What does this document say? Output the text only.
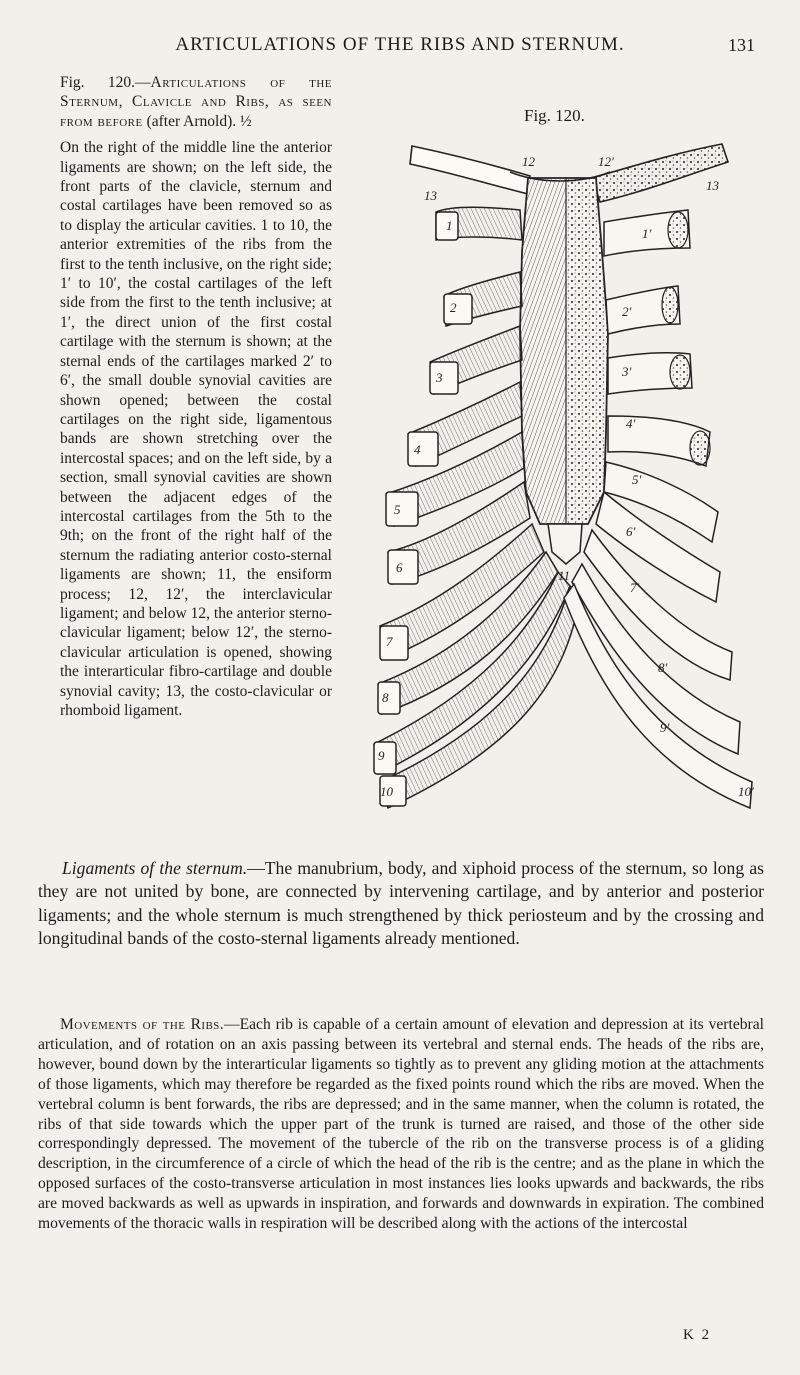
ARTICULATIONS OF THE RIBS AND STERNUM.	131

Fig. 120.—Articulations of the Sternum, Clavicle and Ribs, as seen from before (after Arnold). ½

On the right of the middle line the anterior ligaments are shown; on the left side, the front parts of the clavicle, sternum and costal cartilages have been removed so as to display the articular cavities. 1 to 10, the anterior extremities of the ribs from the first to the tenth inclusive, on the right side; 1′ to 10′, the costal cartilages of the left side from the first to the tenth inclusive; at 1′, the direct union of the first costal cartilage with the sternum is shown; at the sternal ends of the cartilages marked 2′ to 6′, the small double synovial cavities are shown opened; between the costal cartilages on the right side, ligamentous bands are shown stretching over the intercostal spaces; and on the left side, by a section, small synovial cavities are shown between the adjacent edges of the intercostal cartilages from the 5th to the 9th; on the front of the right half of the sternum the radiating anterior costo-sternal ligaments are shown; 11, the ensiform process; 12, 12′, the interclavicular ligament; and below 12, the anterior sterno-clavicular ligament; below 12′, the sterno-clavicular articulation is opened, showing the interarticular fibro-cartilage and double synovial cavity; 13, the costo-clavicular or rhomboid ligament.

Fig. 120.
1
2
3
4
5
6
7
8
9
10
1′
2′
3′
4′
5′
6′
7′
8′
9′
10′
11
12	12′
13
13

Ligaments of the sternum.—The manubrium, body, and xiphoid process of the sternum, so long as they are not united by bone, are connected by intervening cartilage, and by anterior and posterior ligaments; and the whole sternum is much strengthened by thick periosteum and by the crossing and longitudinal bands of the costo-sternal ligaments already mentioned.

Movements of the Ribs.—Each rib is capable of a certain amount of elevation and depression at its vertebral articulation, and of rotation on an axis passing between its vertebral and sternal ends. The heads of the ribs are, however, bound down by the interarticular ligaments so tightly as to prevent any gliding motion at the attachments of those ligaments, which may therefore be regarded as the fixed points round which the ribs are moved. When the vertebral column is bent forwards, the ribs are depressed; and in the same manner, when the column is rotated, the ribs of that side towards which the upper part of the trunk is turned are raised, and those of the other side correspondingly depressed. The movement of the tubercle of the rib on the transverse process is of a gliding description, in the circumference of a circle of which the head of the rib is the centre; and as the plane in which the opposed surfaces of the costo-transverse articulation in most instances lies looks upwards and backwards, the ribs are moved backwards as well as upwards in inspiration, and forwards and downwards in expiration. The combined movements of the thoracic walls in respiration will be described along with the actions of the intercostal

K 2
